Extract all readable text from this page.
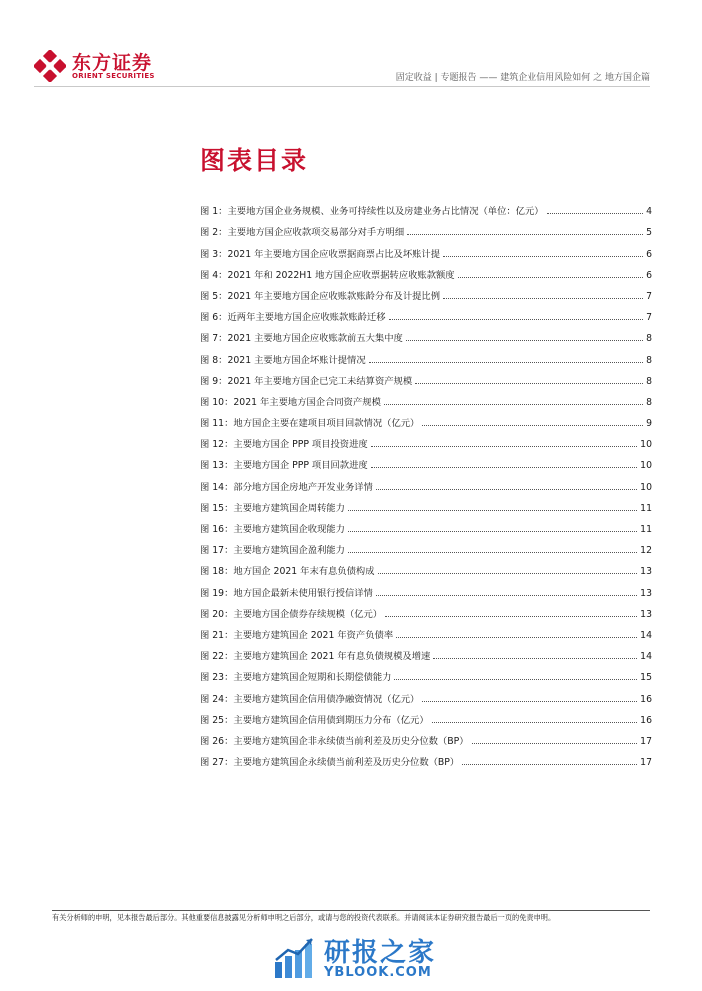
东方证券
ORIENT SECURITIES	固定收益 | 专题报告 —— 建筑企业信用风险如何 之 地方国企篇
图表目录
图 1：主要地方国企业务规模、业务可持续性以及房建业务占比情况（单位：亿元）	4
图 2：主要地方国企应收款项交易部分对手方明细	5
图 3：2021 年主要地方国企应收票据商票占比及坏账计提	6
图 4：2021 年和 2022H1 地方国企应收票据转应收账款额度	6
图 5：2021 年主要地方国企应收账款账龄分布及计提比例	7
图 6：近两年主要地方国企应收账款账龄迁移	7
图 7：2021 主要地方国企应收账款前五大集中度	8
图 8：2021 主要地方国企坏账计提情况	8
图 9：2021 年主要地方国企已完工未结算资产规模	8
图 10：2021 年主要地方国企合同资产规模	8
图 11：地方国企主要在建项目项目回款情况（亿元）	9
图 12：主要地方国企 PPP 项目投资进度	10
图 13：主要地方国企 PPP 项目回款进度	10
图 14：部分地方国企房地产开发业务详情	10
图 15：主要地方建筑国企周转能力	11
图 16：主要地方建筑国企收现能力	11
图 17：主要地方建筑国企盈利能力	12
图 18：地方国企 2021 年末有息负债构成	13
图 19：地方国企最新未使用银行授信详情	13
图 20：主要地方国企债券存续规模（亿元）	13
图 21：主要地方建筑国企 2021 年资产负债率	14
图 22：主要地方建筑国企 2021 年有息负债规模及增速	14
图 23：主要地方建筑国企短期和长期偿债能力	15
图 24：主要地方建筑国企信用债净融资情况（亿元）	16
图 25：主要地方建筑国企信用债到期压力分布（亿元）	16
图 26：主要地方建筑国企非永续债当前利差及历史分位数（BP）	17
图 27：主要地方建筑国企永续债当前利差及历史分位数（BP）	17
有关分析师的申明，见本报告最后部分。其他重要信息披露见分析师申明之后部分，或请与您的投资代表联系。并请阅读本证券研究报告最后一页的免责申明。
研报之家
YBLOOK.COM
